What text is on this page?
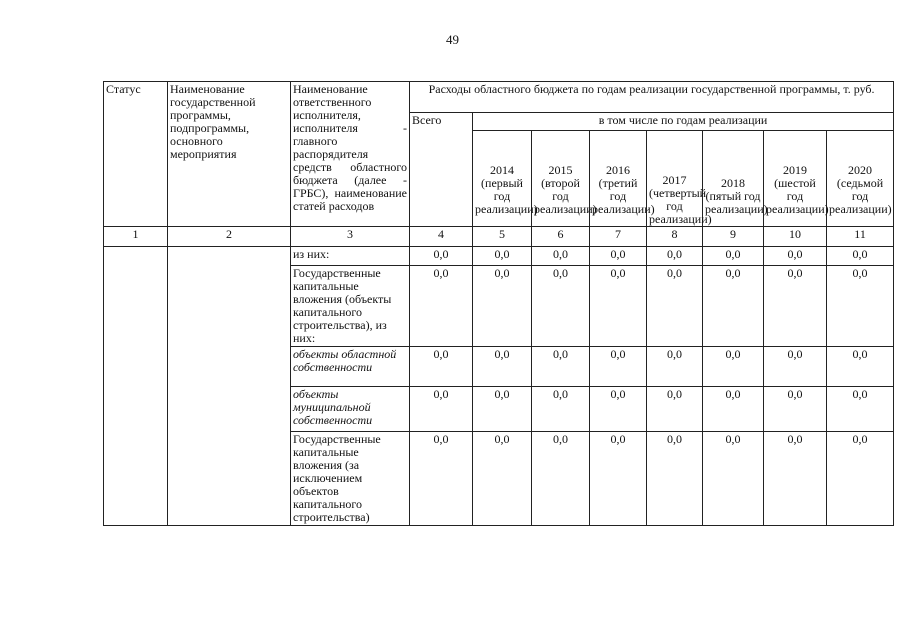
49
Статус	Наименование государственной программы, подпрограммы, основного мероприятия	Наименование ответственного исполнителя, исполнителя - главного распорядителя средств областного бюджета (далее - ГРБС), наименование статей расходов	Расходы областного бюджета по годам реализации государственной программы, т. руб.							
			Всего	в том числе по годам реализации						
				2014 (первый год реализации)	2015 (второй год реализации)	2016 (третий год реализации)	2017 (четвертый год реализации)	2018 (пятый год реализации)	2019 (шестой год реализации)	2020 (седьмой год реализации)
1	2	3	4	5	6	7	8	9	10	11
		из них:	0,0	0,0	0,0	0,0	0,0	0,0	0,0	0,0
		Государственные капитальные вложения (объекты капитального строительства), из них:	0,0	0,0	0,0	0,0	0,0	0,0	0,0	0,0
		объекты областной собственности	0,0	0,0	0,0	0,0	0,0	0,0	0,0	0,0
		объекты муниципальной собственности	0,0	0,0	0,0	0,0	0,0	0,0	0,0	0,0
		Государственные капитальные вложения (за исключением объектов капитального строительства)	0,0	0,0	0,0	0,0	0,0	0,0	0,0	0,0
